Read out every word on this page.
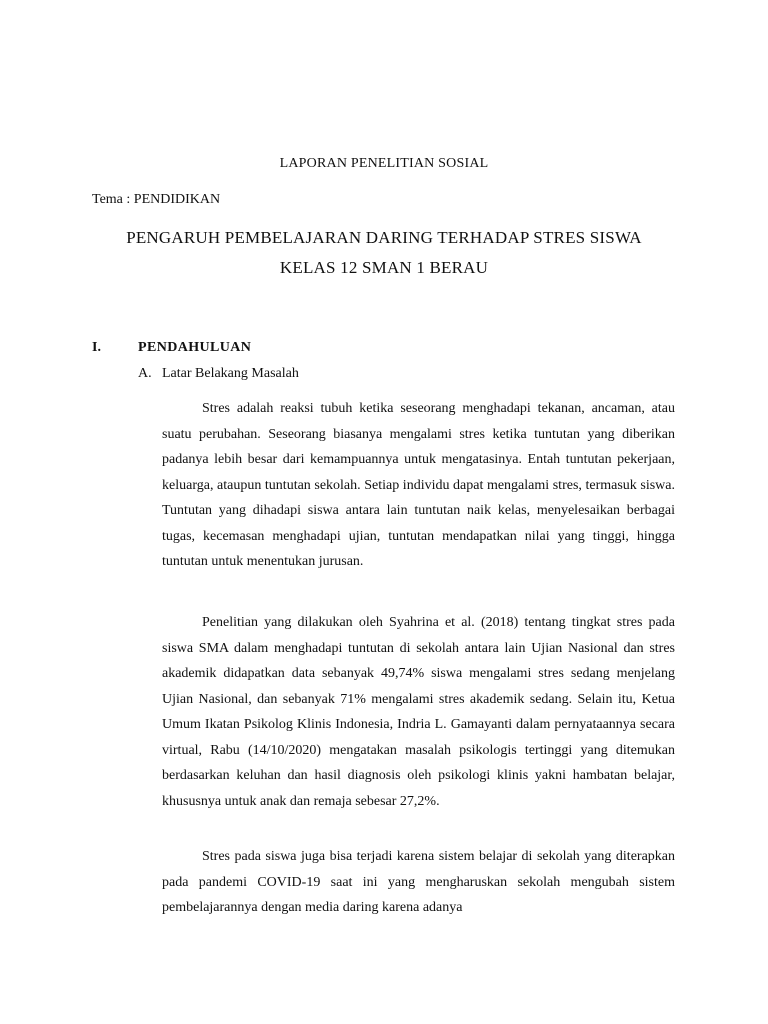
LAPORAN PENELITIAN SOSIAL
Tema : PENDIDIKAN
PENGARUH PEMBELAJARAN DARING TERHADAP STRES SISWA
KELAS 12 SMAN 1 BERAU
I.	PENDAHULUAN
A. Latar Belakang Masalah

Stres adalah reaksi tubuh ketika seseorang menghadapi tekanan, ancaman, atau suatu perubahan. Seseorang biasanya mengalami stres ketika tuntutan yang diberikan padanya lebih besar dari kemampuannya untuk mengatasinya. Entah tuntutan pekerjaan, keluarga, ataupun tuntutan sekolah. Setiap individu dapat mengalami stres, termasuk siswa. Tuntutan yang dihadapi siswa antara lain tuntutan naik kelas, menyelesaikan berbagai tugas, kecemasan menghadapi ujian, tuntutan mendapatkan nilai yang tinggi, hingga tuntutan untuk menentukan jurusan.

Penelitian yang dilakukan oleh Syahrina et al. (2018) tentang tingkat stres pada siswa SMA dalam menghadapi tuntutan di sekolah antara lain Ujian Nasional dan stres akademik didapatkan data sebanyak 49,74% siswa mengalami stres sedang menjelang Ujian Nasional, dan sebanyak 71% mengalami stres akademik sedang. Selain itu, Ketua Umum Ikatan Psikolog Klinis Indonesia, Indria L. Gamayanti dalam pernyataannya secara virtual, Rabu (14/10/2020) mengatakan masalah psikologis tertinggi yang ditemukan berdasarkan keluhan dan hasil diagnosis oleh psikologi klinis yakni hambatan belajar, khususnya untuk anak dan remaja sebesar 27,2%.

Stres pada siswa juga bisa terjadi karena sistem belajar di sekolah yang diterapkan pada pandemi COVID-19 saat ini yang mengharuskan sekolah mengubah sistem pembelajarannya dengan media daring karena adanya
